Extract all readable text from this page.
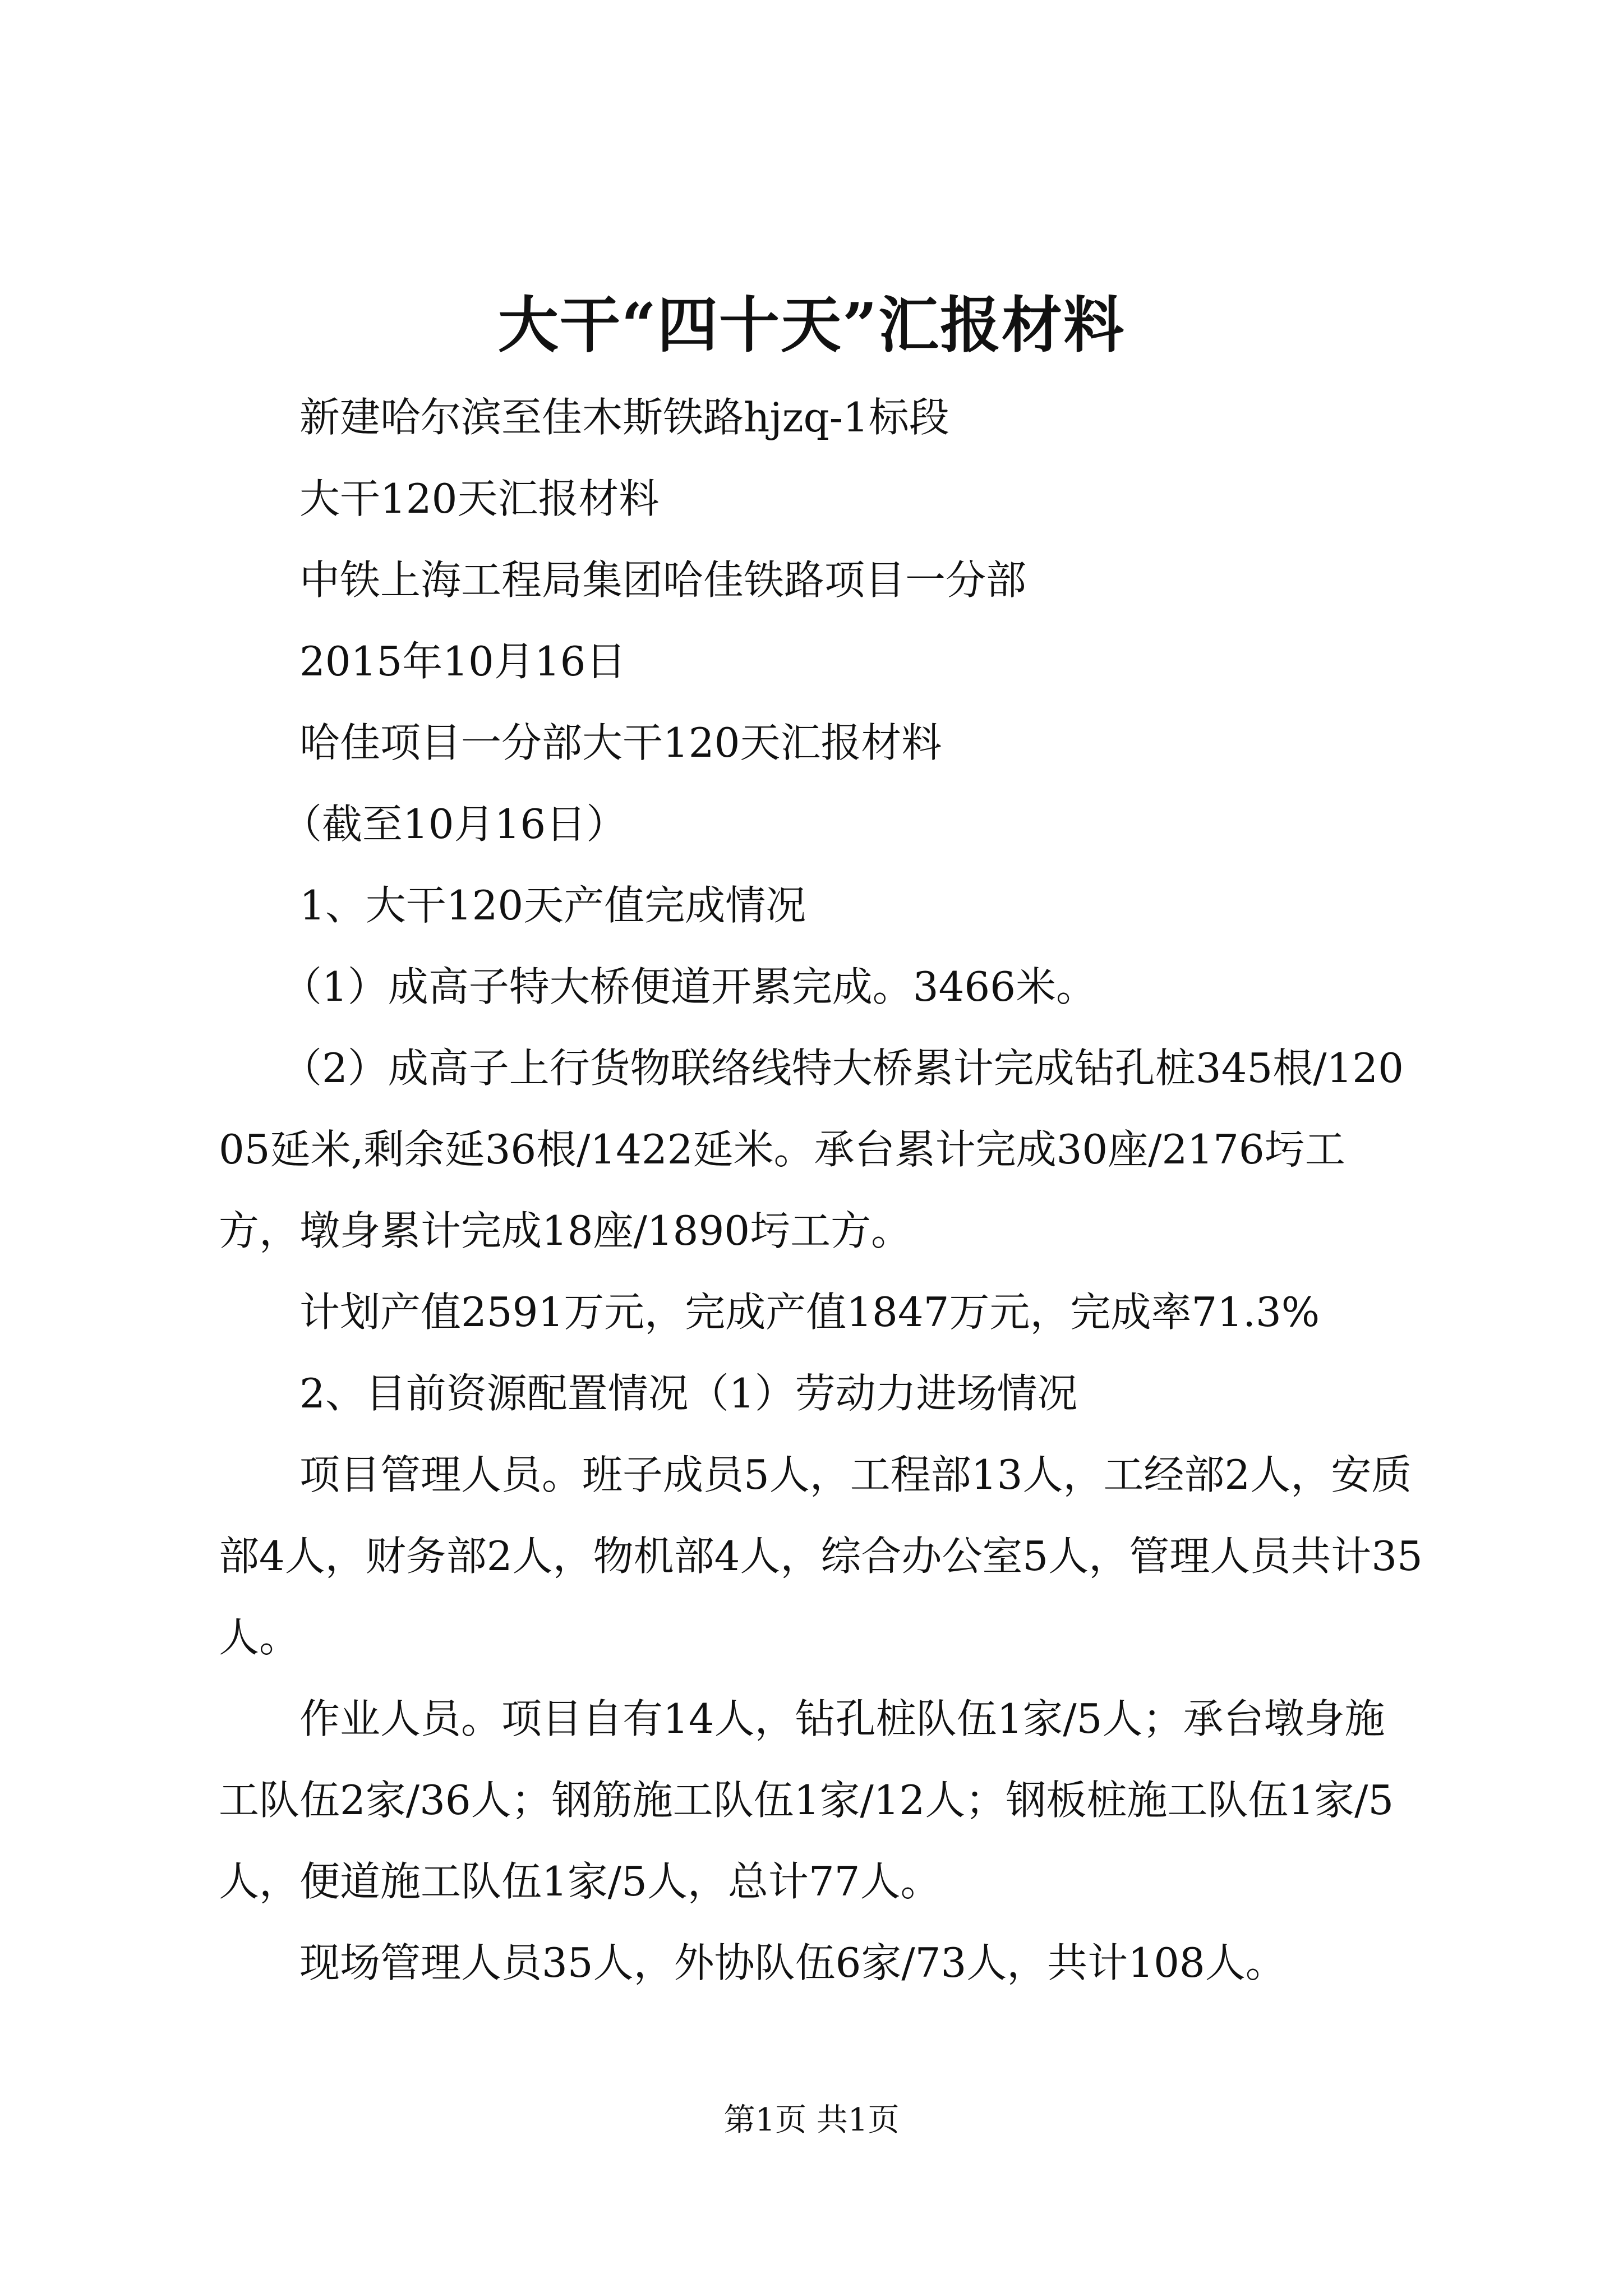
大干“四十天”汇报材料

新建哈尔滨至佳木斯铁路hjzq-1标段

大干120天汇报材料

中铁上海工程局集团哈佳铁路项目一分部

2015年10月16日

哈佳项目一分部大干120天汇报材料

（截至10月16日）

1、大干120天产值完成情况

（1）成高子特大桥便道开累完成。3466米。

（2）成高子上行货物联络线特大桥累计完成钻孔桩345根/12005延米,剩余延36根/1422延米。承台累计完成30座/2176圬工方，墩身累计完成18座/1890圬工方。

计划产值2591万元，完成产值1847万元，完成率71.3%

2、目前资源配置情况（1）劳动力进场情况

项目管理人员。班子成员5人，工程部13人，工经部2人，安质部4人，财务部2人，物机部4人，综合办公室5人，管理人员共计35人。

作业人员。项目自有14人，钻孔桩队伍1家/5人；承台墩身施工队伍2家/36人；钢筋施工队伍1家/12人；钢板桩施工队伍1家/5人，便道施工队伍1家/5人，总计77人。

现场管理人员35人，外协队伍6家/73人，共计108人。

第1页 共1页
